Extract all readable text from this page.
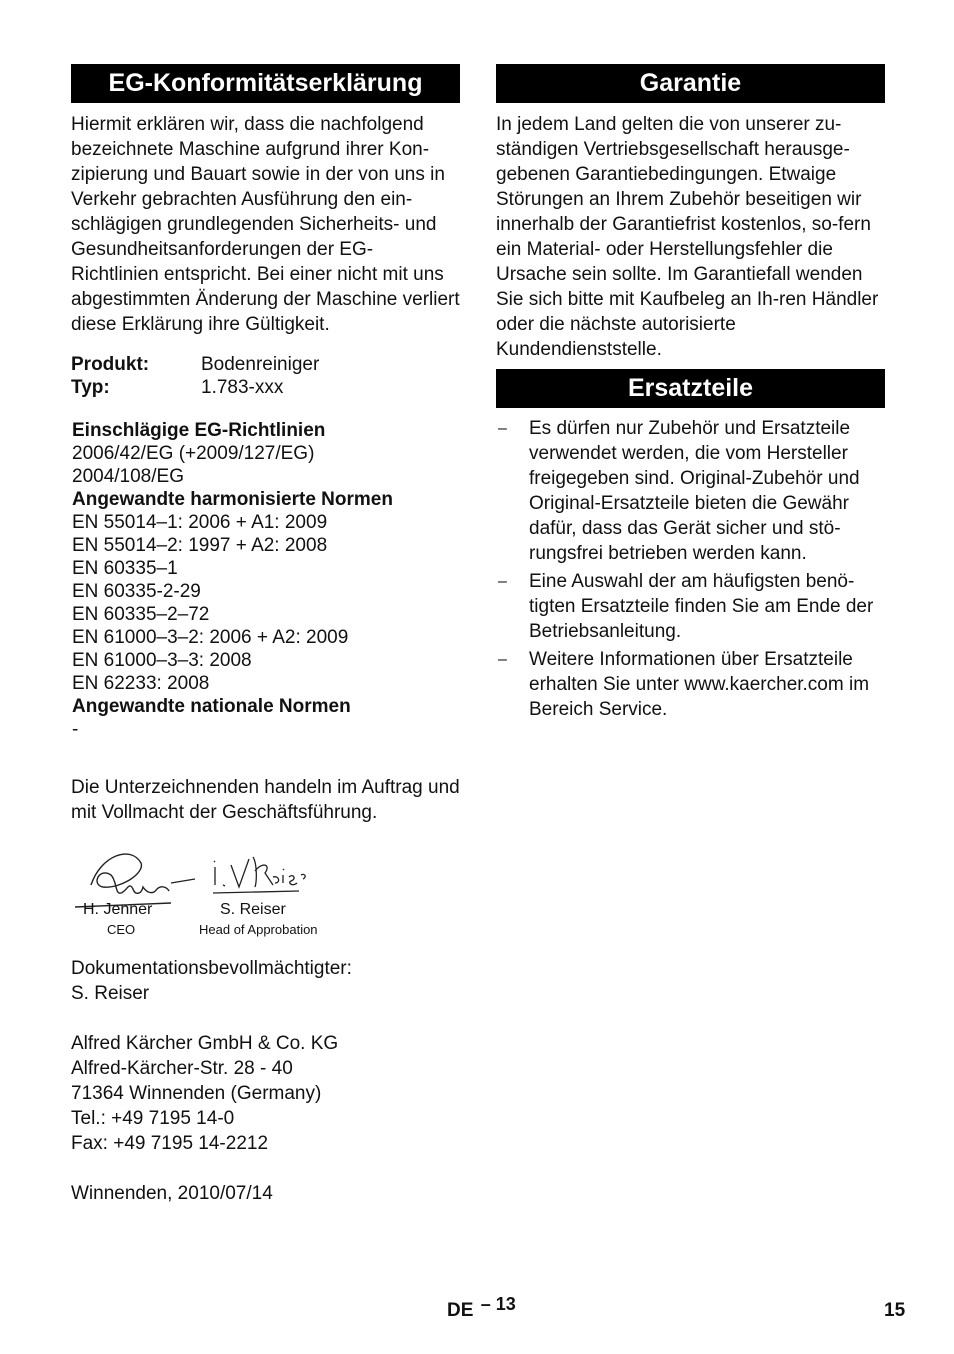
EG-Konformitätserklärung

Hiermit erklären wir, dass die nachfolgend bezeichnete Maschine aufgrund ihrer Kon-zipierung und Bauart sowie in der von uns in Verkehr gebrachten Ausführung den ein-schlägigen grundlegenden Sicherheits- und Gesundheitsanforderungen der EG-Richtlinien entspricht. Bei einer nicht mit uns abgestimmten Änderung der Maschine verliert diese Erklärung ihre Gültigkeit.

Produkt:	Bodenreiniger
Typ:	1.783-xxx
Einschlägige EG-Richtlinien
2006/42/EG (+2009/127/EG)
2004/108/EG
Angewandte harmonisierte Normen
EN 55014–1: 2006 + A1: 2009
EN 55014–2: 1997 + A2: 2008
EN 60335–1
EN 60335-2-29
EN 60335–2–72
EN 61000–3–2: 2006 + A2: 2009
EN 61000–3–3: 2008
EN 62233: 2008
Angewandte nationale Normen
-

Die Unterzeichnenden handeln im Auftrag und mit Vollmacht der Geschäftsführung.

H. Jenner
CEO
S. Reiser
Head of Approbation

Dokumentationsbevollmächtigter:

S. Reiser

Alfred Kärcher GmbH & Co. KG
Alfred-Kärcher-Str. 28 - 40
71364 Winnenden (Germany)
Tel.: +49 7195 14-0
Fax: +49 7195 14-2212

Winnenden, 2010/07/14

Garantie

In jedem Land gelten die von unserer zu-ständigen Vertriebsgesellschaft herausge-gebenen Garantiebedingungen. Etwaige Störungen an Ihrem Zubehör beseitigen wir innerhalb der Garantiefrist kostenlos, so-fern ein Material- oder Herstellungsfehler die Ursache sein sollte. Im Garantiefall wenden Sie sich bitte mit Kaufbeleg an Ih-ren Händler oder die nächste autorisierte Kundendienststelle.

Ersatzteile
– Es dürfen nur Zubehör und Ersatzteile verwendet werden, die vom Hersteller freigegeben sind. Original-Zubehör und Original-Ersatzteile bieten die Gewähr dafür, dass das Gerät sicher und stö-rungsfrei betrieben werden kann.
– Eine Auswahl der am häufigsten benö-tigten Ersatzteile finden Sie am Ende der Betriebsanleitung.
– Weitere Informationen über Ersatzteile erhalten Sie unter www.kaercher.com im Bereich Service.
DE – 13	15
